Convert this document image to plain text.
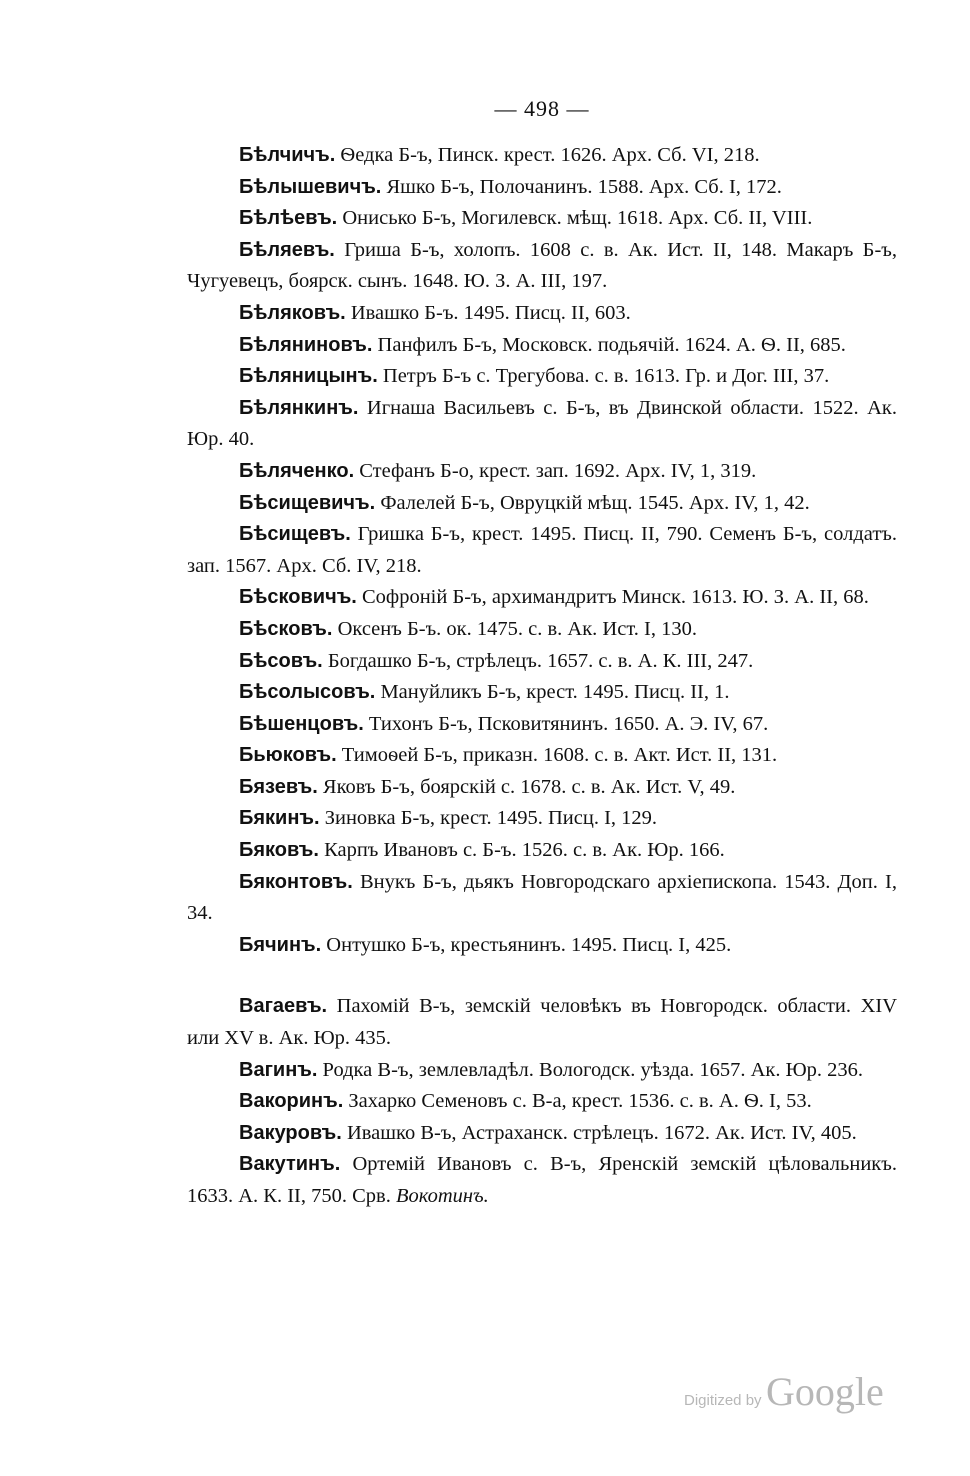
— 498 —

Бѣлчичъ. Ѳедка Б-ъ, Пинск. крест. 1626. Арх. Сб. VI, 218.

Бѣлышевичъ. Яшко Б-ъ, Полочанинъ. 1588. Арх. Сб. I, 172.

Бѣлѣевъ. Онисько Б-ъ, Могилевск. мѣщ. 1618. Арх. Сб. II, VIII.

Бѣляевъ. Гриша Б-ъ, холопъ. 1608 с. в. Ак. Ист. II, 148. Макаръ Б-ъ, Чугуевецъ, боярск. сынъ. 1648. Ю. З. А. III, 197.

Бѣляковъ. Ивашко Б-ъ. 1495. Писц. II, 603.

Бѣляниновъ. Панфилъ Б-ъ, Московск. подьячій. 1624. А. Ѳ. II, 685.

Бѣляницынъ. Петръ Б-ъ с. Трегубова. с. в. 1613. Гр. и Дог. III, 37.

Бѣлянкинъ. Игнаша Васильевъ с. Б-ъ, въ Двинской области. 1522. Ак. Юр. 40.

Бѣляченко. Стефанъ Б-о, крест. зап. 1692. Арх. IV, 1, 319.

Бѣсищевичъ. Фалелей Б-ъ, Овруцкій мѣщ. 1545. Арх. IV, 1, 42.

Бѣсищевъ. Гришка Б-ъ, крест. 1495. Писц. II, 790. Семенъ Б-ъ, солдатъ. зап. 1567. Арх. Сб. IV, 218.

Бѣсковичъ. Софроній Б-ъ, архимандритъ Минск. 1613. Ю. З. А. II, 68.

Бѣсковъ. Оксенъ Б-ъ. ок. 1475. с. в. Ак. Ист. I, 130.

Бѣсовъ. Богдашко Б-ъ, стрѣлецъ. 1657. с. в. А. К. III, 247.

Бѣсолысовъ. Мануйликъ Б-ъ, крест. 1495. Писц. II, 1.

Бѣшенцовъ. Тихонъ Б-ъ, Псковитянинъ. 1650. А. Э. IV, 67.

Бьюковъ. Тимоѳей Б-ъ, приказн. 1608. с. в. Акт. Ист. II, 131.

Бязевъ. Яковъ Б-ъ, боярскій с. 1678. с. в. Ак. Ист. V, 49.

Бякинъ. Зиновка Б-ъ, крест. 1495. Писц. I, 129.

Бяковъ. Карпъ Ивановъ с. Б-ъ. 1526. с. в. Ак. Юр. 166.

Бяконтовъ. Внукъ Б-ъ, дьякъ Новгородскаго архіепископа. 1543. Доп. I, 34.

Бячинъ. Онтушко Б-ъ, крестьянинъ. 1495. Писц. I, 425.

Вагаевъ. Пахомій В-ъ, земскій человѣкъ въ Новгородск. области. XIV или XV в. Ак. Юр. 435.

Вагинъ. Родка В-ъ, землевладѣл. Вологодск. уѣзда. 1657. Ак. Юр. 236.

Вакоринъ. Захарко Семеновъ с. В-а, крест. 1536. с. в. А. Ѳ. I, 53.

Вакуровъ. Ивашко В-ъ, Астраханск. стрѣлецъ. 1672. Ак. Ист. IV, 405.

Вакутинъ. Ортемій Ивановъ с. В-ъ, Яренскій земскій цѣловальникъ. 1633. А. К. II, 750. Срв. Вокотинъ.

Digitized by Google
